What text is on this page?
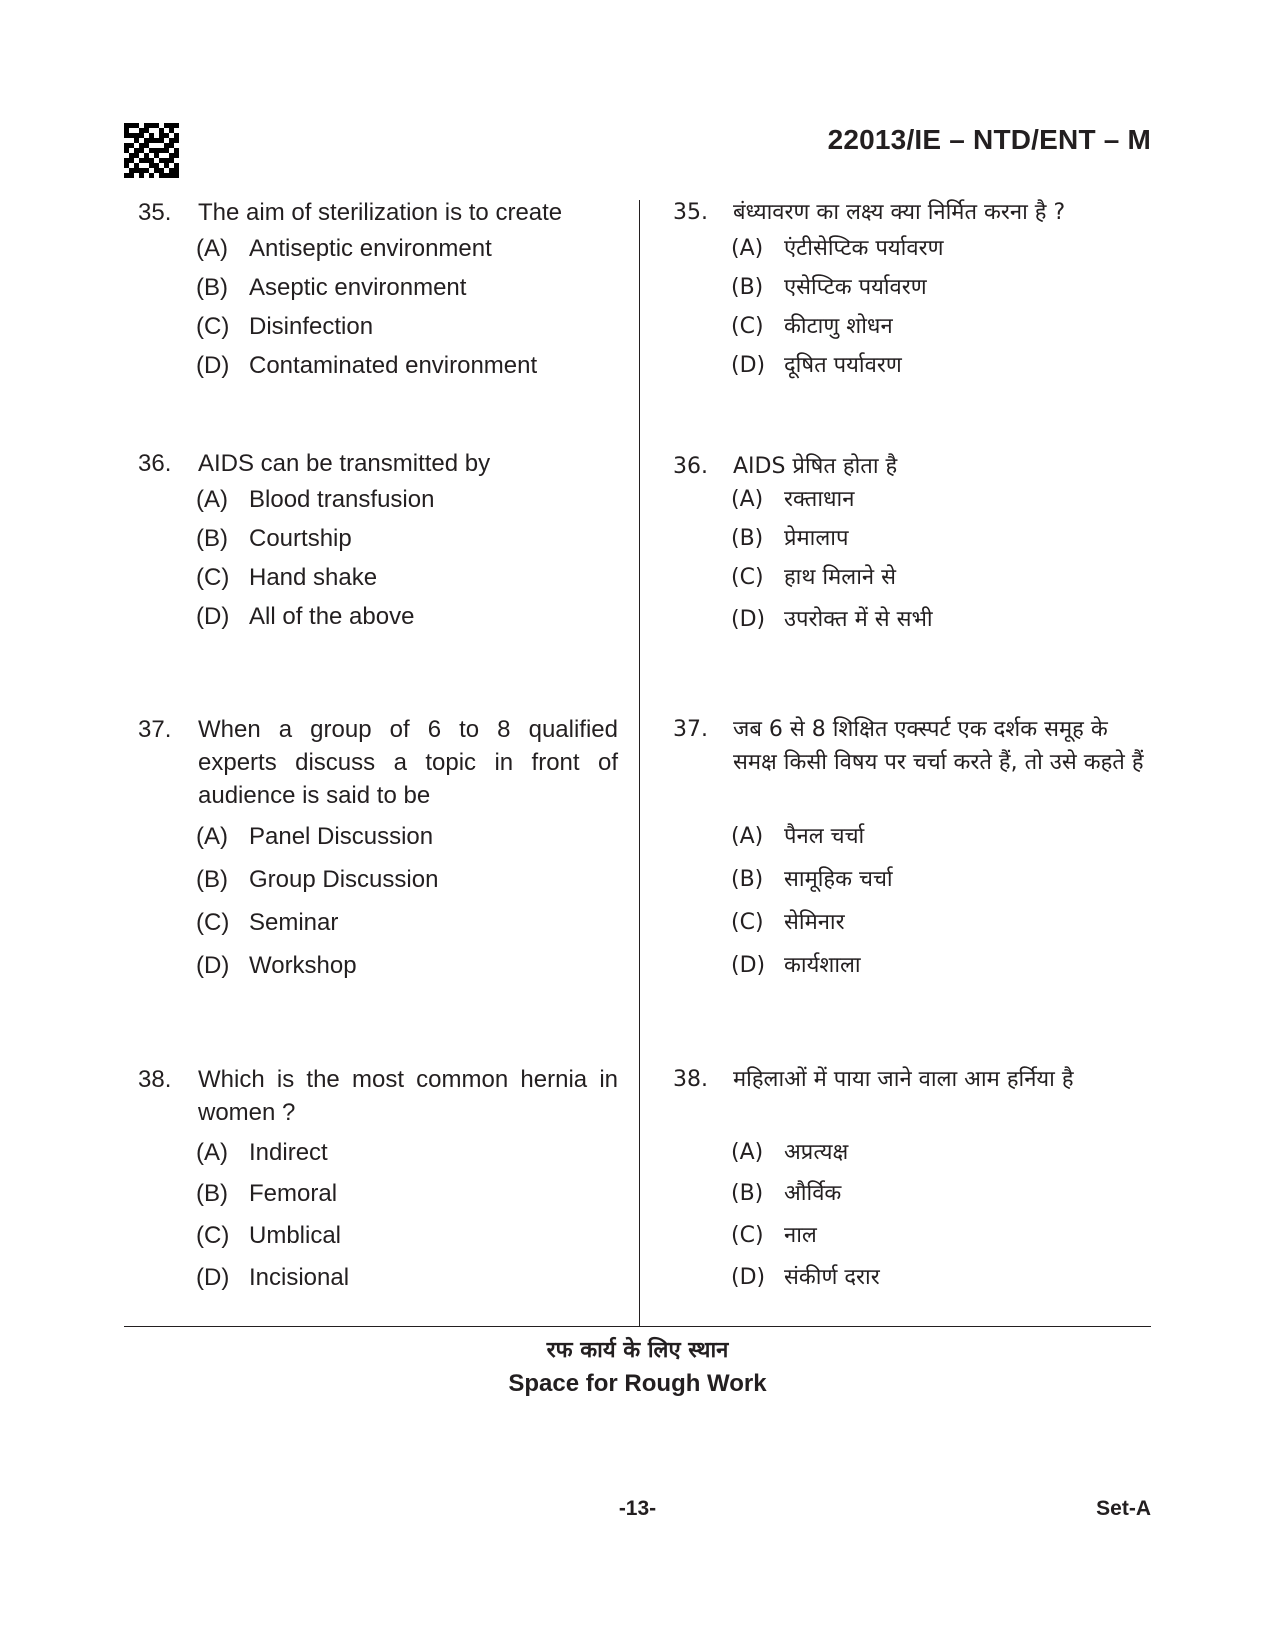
22013/IE – NTD/ENT – M
35.	The aim of sterilization is to create
(A) Antiseptic environment
(B) Aseptic environment
(C) Disinfection
(D) Contaminated environment
36.	AIDS can be transmitted by
(A) Blood transfusion
(B) Courtship
(C) Hand shake
(D) All of the above
37.	When a group of 6 to 8 qualified experts discuss a topic in front of audience is said to be
(A) Panel Discussion
(B) Group Discussion
(C) Seminar
(D) Workshop
38.	Which is the most common hernia in women ?
(A) Indirect
(B) Femoral
(C) Umblical
(D) Incisional
35.	बंध्यावरण का लक्ष्य क्या निर्मित करना है ?
(A) एंटीसेप्टिक पर्यावरण
(B) एसेप्टिक पर्यावरण
(C) कीटाणु शोधन
(D) दूषित पर्यावरण
36.	AIDS प्रेषित होता है
(A) रक्ताधान
(B) प्रेमालाप
(C) हाथ मिलाने से
(D) उपरोक्त में से सभी
37.	जब 6 से 8 शिक्षित एक्स्पर्ट एक दर्शक समूह के समक्ष किसी विषय पर चर्चा करते हैं, तो उसे कहते हैं
(A) पैनल चर्चा
(B) सामूहिक चर्चा
(C) सेमिनार
(D) कार्यशाला
38.	महिलाओं में पाया जाने वाला आम हर्निया है
(A) अप्रत्यक्ष
(B) और्विक
(C) नाल
(D) संकीर्ण दरार
रफ कार्य के लिए स्थान
Space for Rough Work
-13-	Set-A
